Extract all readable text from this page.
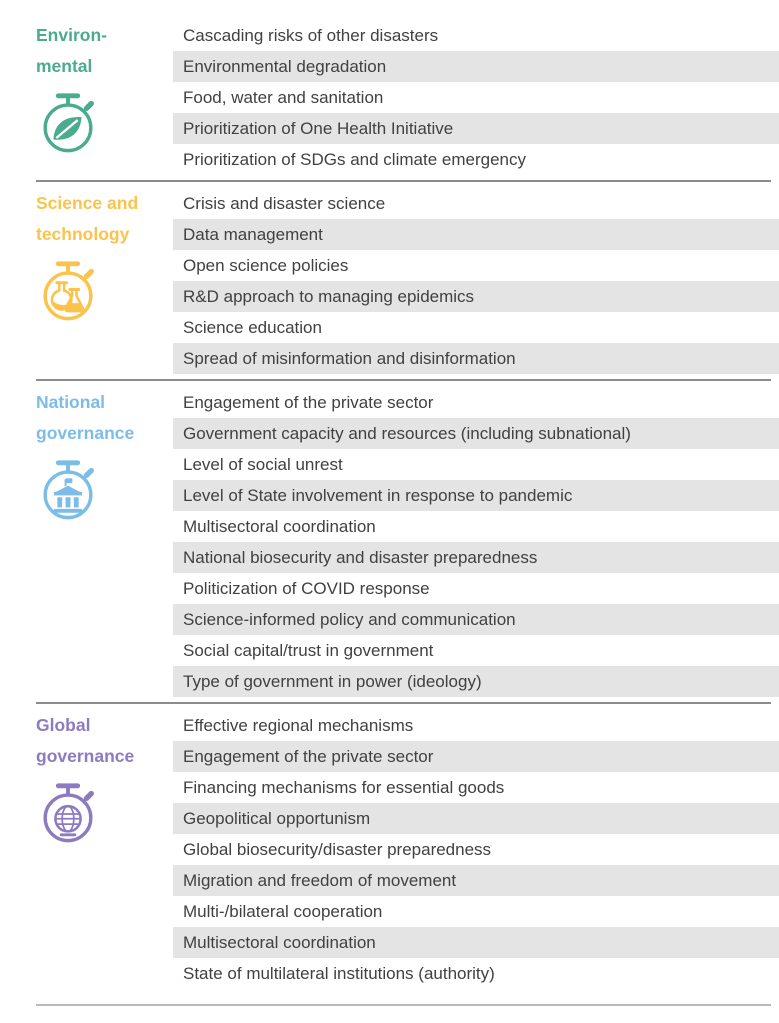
Environ-
mental
Cascading risks of other disasters
Environmental degradation
Food, water and sanitation
Prioritization of One Health Initiative
Prioritization of SDGs and climate emergency
Science and
technology
Crisis and disaster science
Data management
Open science policies
R&D approach to managing epidemics
Science education
Spread of misinformation and disinformation
National
governance
Engagement of the private sector
Government capacity and resources (including subnational)
Level of social unrest
Level of State involvement in response to pandemic
Multisectoral coordination
National biosecurity and disaster preparedness
Politicization of COVID response
Science-informed policy and communication
Social capital/trust in government
Type of government in power (ideology)
Global
governance
Effective regional mechanisms
Engagement of the private sector
Financing mechanisms for essential goods
Geopolitical opportunism
Global biosecurity/disaster preparedness
Migration and freedom of movement
Multi-/bilateral cooperation
Multisectoral coordination
State of multilateral institutions (authority)
